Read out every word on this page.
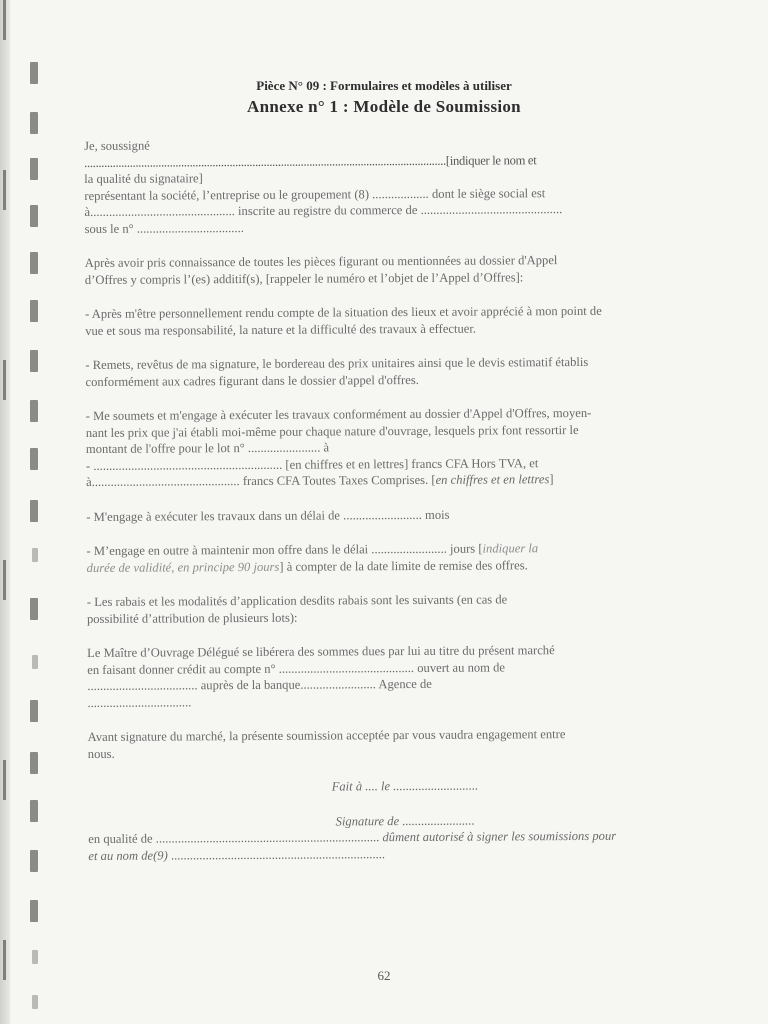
Pièce N° 09 : Formulaires et modèles à utiliser
Annexe n° 1 : Modèle de Soumission

Je, soussigné

...............................................................................................................................[indiquer le nom et

la qualité du signataire]

représentant la société, l’entreprise ou le groupement (8) .................. dont le siège social est

à.............................................. inscrite au registre du commerce de .............................................

sous le n° ..................................

Après avoir pris connaissance de toutes les pièces figurant ou mentionnées au dossier d'Appel

d’Offres y compris l’(es) additif(s), [rappeler le numéro et l’objet de l’Appel d’Offres]:

- Après m'être personnellement rendu compte de la situation des lieux et avoir apprécié à mon point de

vue et sous ma responsabilité, la nature et la difficulté des travaux à effectuer.

- Remets, revêtus de ma signature, le bordereau des prix unitaires ainsi que le devis estimatif établis

conformément aux cadres figurant dans le dossier d'appel d'offres.

- Me soumets et m'engage à exécuter les travaux conformément au dossier d'Appel d'Offres, moyen-

nant les prix que j'ai établi moi-même pour chaque nature d'ouvrage, lesquels prix font ressortir le

montant de l'offre pour le lot n° ....................... à

- ............................................................ [en chiffres et en lettres] francs CFA Hors TVA, et

à............................................... francs CFA Toutes Taxes Comprises. [en chiffres et en lettres]

- M'engage à exécuter les travaux dans un délai de ......................... mois

- M’engage en outre à maintenir mon offre dans le délai ........................ jours [indiquer la

durée de validité, en principe 90 jours] à compter de la date limite de remise des offres.

- Les rabais et les modalités d’application desdits rabais sont les suivants (en cas de

possibilité d’attribution de plusieurs lots):

Le Maître d’Ouvrage Délégué se libérera des sommes dues par lui au titre du présent marché

en faisant donner crédit au compte n° ........................................... ouvert au nom de

................................... auprès de la banque........................ Agence de

.................................

Avant signature du marché, la présente soumission acceptée par vous vaudra engagement entre

nous.

Fait à .... le ...........................

Signature de .......................

en qualité de ....................................................................... dûment autorisé à signer les soumissions pour

et au nom de(9) ....................................................................

62
